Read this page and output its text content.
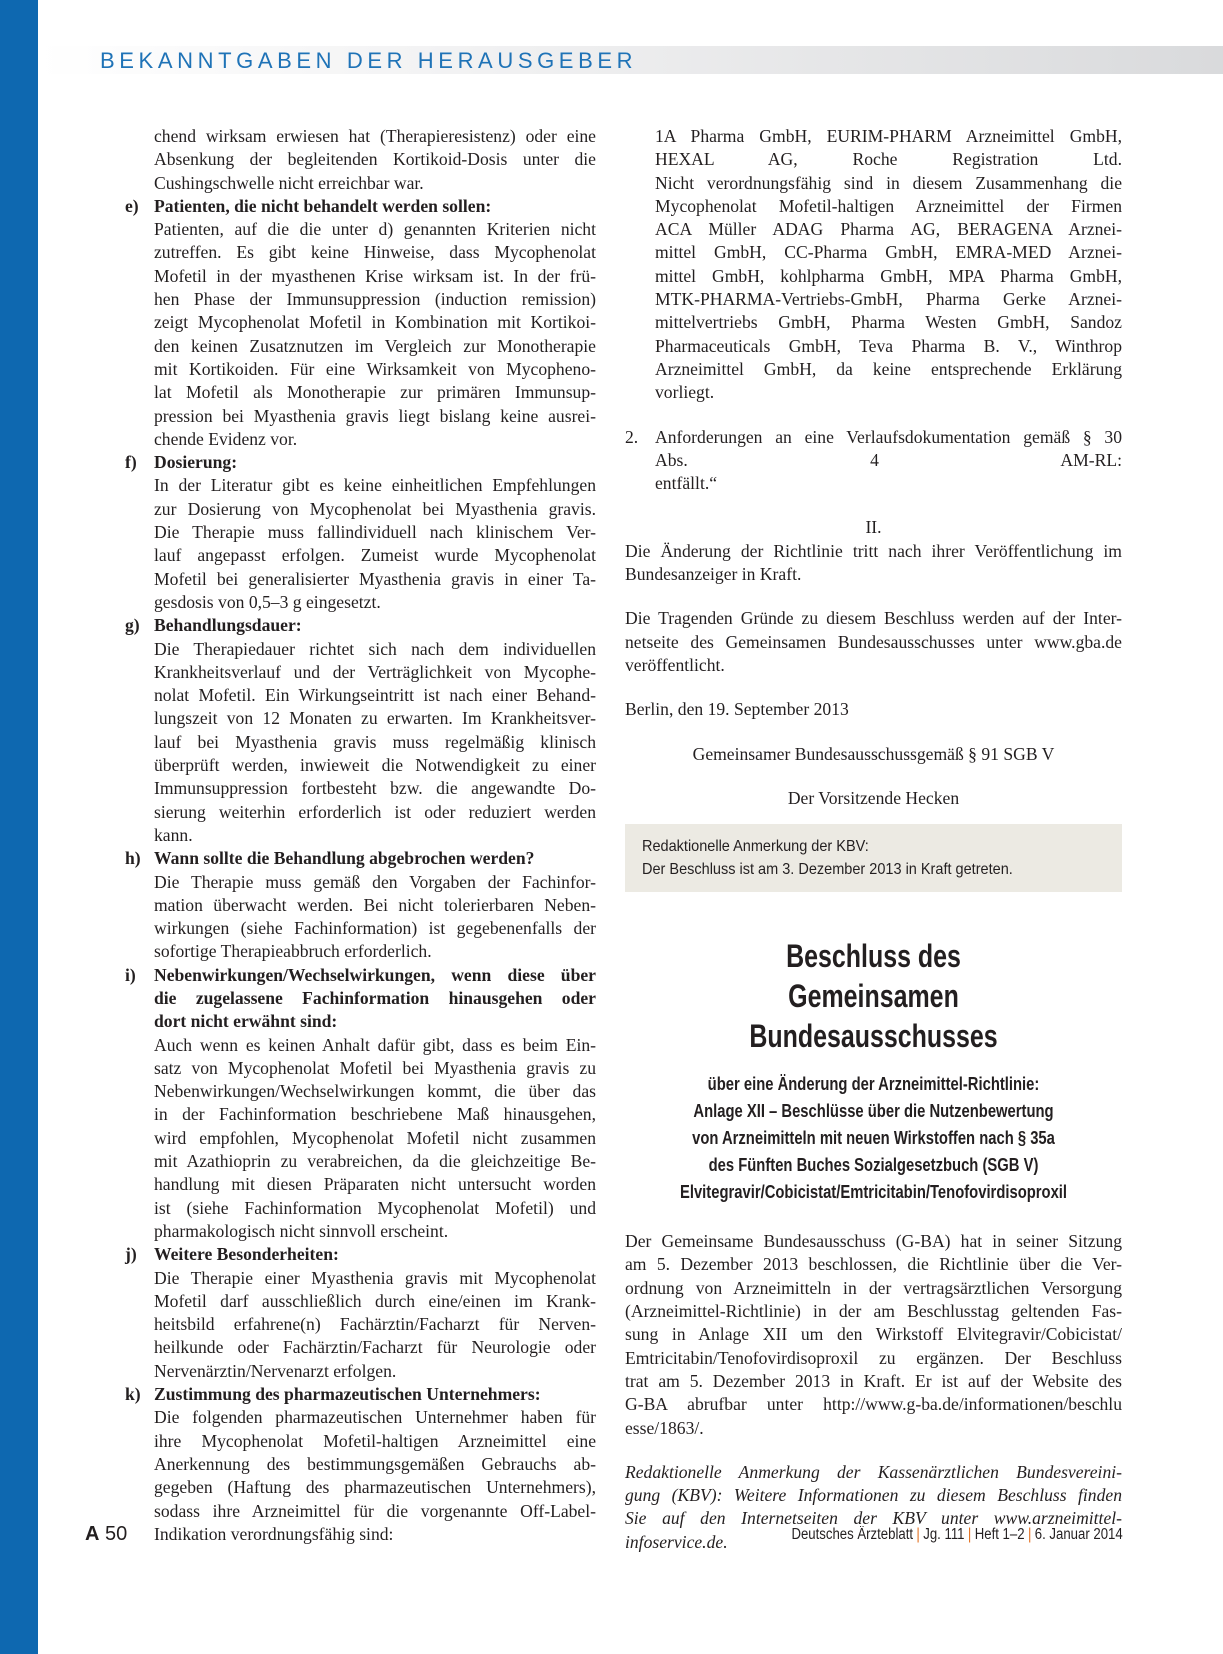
BEKANNTGABEN DER HERAUSGEBER
chend wirksam erwiesen hat (Therapieresistenz) oder eine
Absenkung der begleitenden Kortikoid-Dosis unter die
Cushingschwelle nicht erreichbar war.
e) Patienten, die nicht behandelt werden sollen:
Patienten, auf die die unter d) genannten Kriterien nicht
zutreffen. Es gibt keine Hinweise, dass Mycophenolat
Mofetil in der myasthenen Krise wirksam ist. In der frü-
hen Phase der Immunsuppression (induction remission)
zeigt Mycophenolat Mofetil in Kombination mit Kortikoi-
den keinen Zusatznutzen im Vergleich zur Monotherapie
mit Kortikoiden. Für eine Wirksamkeit von Mycopheno-
lat Mofetil als Monotherapie zur primären Immunsup-
pression bei Myasthenia gravis liegt bislang keine ausrei-
chende Evidenz vor.
f) Dosierung:
In der Literatur gibt es keine einheitlichen Empfehlungen
zur Dosierung von Mycophenolat bei Myasthenia gravis.
Die Therapie muss fallindividuell nach klinischem Ver-
lauf angepasst erfolgen. Zumeist wurde Mycophenolat
Mofetil bei generalisierter Myasthenia gravis in einer Ta-
gesdosis von 0,5–3 g eingesetzt.
g) Behandlungsdauer:
Die Therapiedauer richtet sich nach dem individuellen
Krankheitsverlauf und der Verträglichkeit von Mycophe-
nolat Mofetil. Ein Wirkungseintritt ist nach einer Behand-
lungszeit von 12 Monaten zu erwarten. Im Krankheitsver-
lauf bei Myasthenia gravis muss regelmäßig klinisch
überprüft werden, inwieweit die Notwendigkeit zu einer
Immunsuppression fortbesteht bzw. die angewandte Do-
sierung weiterhin erforderlich ist oder reduziert werden
kann.
h) Wann sollte die Behandlung abgebrochen werden?
Die Therapie muss gemäß den Vorgaben der Fachinfor-
mation überwacht werden. Bei nicht tolerierbaren Neben-
wirkungen (siehe Fachinformation) ist gegebenenfalls der
sofortige Therapieabbruch erforderlich.
i) Nebenwirkungen/Wechselwirkungen, wenn diese über
die zugelassene Fachinformation hinausgehen oder
dort nicht erwähnt sind:
Auch wenn es keinen Anhalt dafür gibt, dass es beim Ein-
satz von Mycophenolat Mofetil bei Myasthenia gravis zu
Nebenwirkungen/Wechselwirkungen kommt, die über das
in der Fachinformation beschriebene Maß hinausgehen,
wird empfohlen, Mycophenolat Mofetil nicht zusammen
mit Azathioprin zu verabreichen, da die gleichzeitige Be-
handlung mit diesen Präparaten nicht untersucht worden
ist (siehe Fachinformation Mycophenolat Mofetil) und
pharmakologisch nicht sinnvoll erscheint.
j) Weitere Besonderheiten:
Die Therapie einer Myasthenia gravis mit Mycophenolat
Mofetil darf ausschließlich durch eine/einen im Krank-
heitsbild erfahrene(n) Fachärztin/Facharzt für Nerven-
heilkunde oder Fachärztin/Facharzt für Neurologie oder
Nervenärztin/Nervenarzt erfolgen.
k) Zustimmung des pharmazeutischen Unternehmers:
Die folgenden pharmazeutischen Unternehmer haben für
ihre Mycophenolat Mofetil-haltigen Arzneimittel eine
Anerkennung des bestimmungsgemäßen Gebrauchs ab-
gegeben (Haftung des pharmazeutischen Unternehmers),
sodass ihre Arzneimittel für die vorgenannte Off-Label-
Indikation verordnungsfähig sind:
1A Pharma GmbH, EURIM-PHARM Arzneimittel GmbH,
HEXAL AG, Roche Registration Ltd.
Nicht verordnungsfähig sind in diesem Zusammenhang die
Mycophenolat Mofetil-haltigen Arzneimittel der Firmen
ACA Müller ADAG Pharma AG, BERAGENA Arznei-
mittel GmbH, CC-Pharma GmbH, EMRA-MED Arznei-
mittel GmbH, kohlpharma GmbH, MPA Pharma GmbH,
MTK-PHARMA-Vertriebs-GmbH, Pharma Gerke Arznei-
mittelvertriebs GmbH, Pharma Westen GmbH, Sandoz
Pharmaceuticals GmbH, Teva Pharma B. V., Winthrop
Arzneimittel GmbH, da keine entsprechende Erklärung
vorliegt.
2. Anforderungen an eine Verlaufsdokumentation gemäß § 30
Abs. 4 AM-RL:
entfällt.“
II.
Die Änderung der Richtlinie tritt nach ihrer Veröffentlichung im
Bundesanzeiger in Kraft.
Die Tragenden Gründe zu diesem Beschluss werden auf der Inter-
netseite des Gemeinsamen Bundesausschusses unter www.gba.de
veröffentlicht.
Berlin, den 19. September 2013
Gemeinsamer Bundesausschussgemäß § 91 SGB V
Der Vorsitzende Hecken
Redaktionelle Anmerkung der KBV:
Der Beschluss ist am 3. Dezember 2013 in Kraft getreten.
Beschluss des
Gemeinsamen Bundesausschusses
über eine Änderung der Arzneimittel-Richtlinie:
Anlage XII – Beschlüsse über die Nutzenbewertung
von Arzneimitteln mit neuen Wirkstoffen nach § 35a
des Fünften Buches Sozialgesetzbuch (SGB V)
Elvitegravir/Cobicistat/Emtricitabin/Tenofovirdisoproxil
Der Gemeinsame Bundesausschuss (G-BA) hat in seiner Sitzung
am 5. Dezember 2013 beschlossen, die Richtlinie über die Ver-
ordnung von Arzneimitteln in der vertragsärztlichen Versorgung
(Arzneimittel-Richtlinie) in der am Beschlusstag geltenden Fas-
sung in Anlage XII um den Wirkstoff Elvitegravir/Cobicistat/
Emtricitabin/Tenofovirdisoproxil zu ergänzen. Der Beschluss
trat am 5. Dezember 2013 in Kraft. Er ist auf der Website des
G-BA abrufbar unter http://www.g-ba.de/informationen/beschlu
esse/1863/.
Redaktionelle Anmerkung der Kassenärztlichen Bundesvereini-
gung (KBV): Weitere Informationen zu diesem Beschluss finden
Sie auf den Internetseiten der KBV unter www.arzneimittel-
infoservice.de.
A 50	Deutsches Ärzteblatt | Jg. 111 | Heft 1–2 | 6. Januar 2014
